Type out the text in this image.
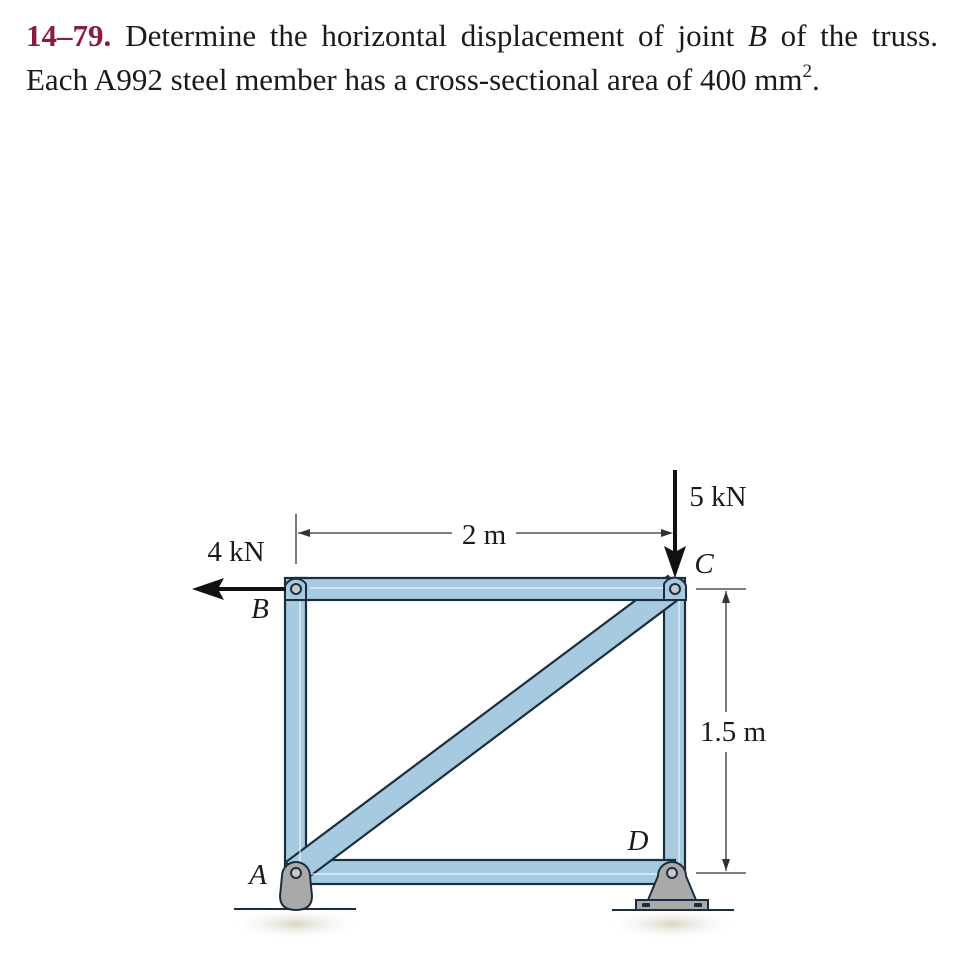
14–79. Determine the horizontal displacement of joint B of the truss. Each A992 steel member has a cross-sectional area of 400 $mm^2$.
4 kN
5 kN
2 m
1.5 m
B
C
A
D
